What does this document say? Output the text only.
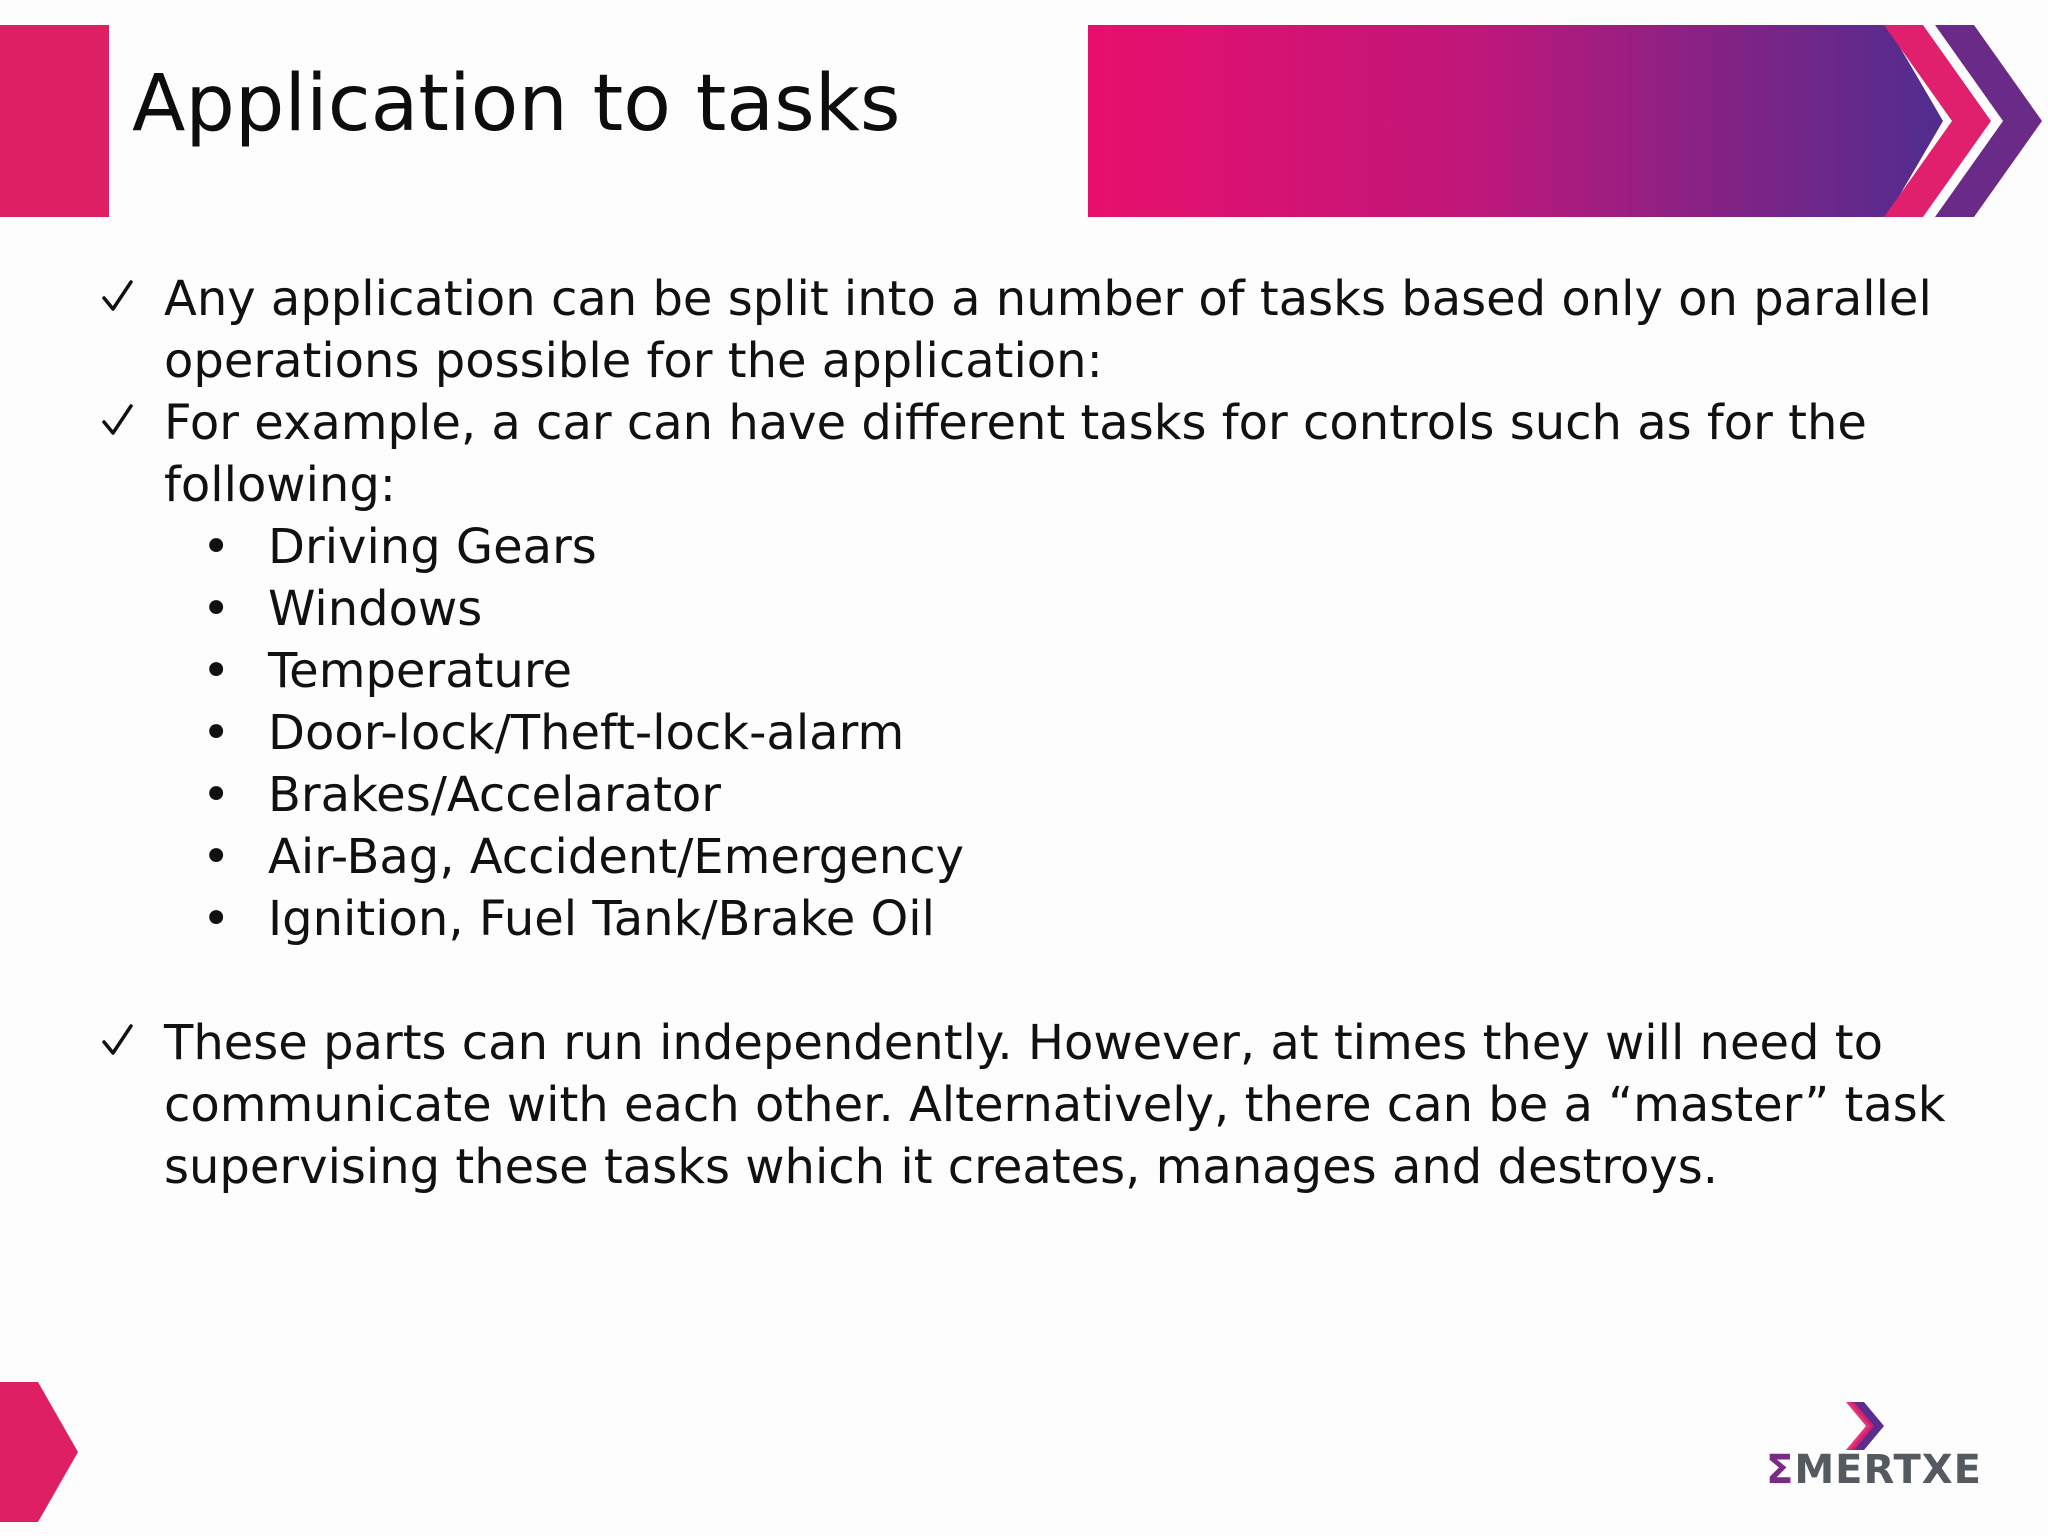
Application to tasks
Any application can be split into a number of tasks based only on parallel operations possible for the application:
For example, a car can have different tasks for controls such as for the following:
• Driving Gears
• Windows
• Temperature
• Door-lock/Theft-lock-alarm
• Brakes/Accelarator
• Air-Bag, Accident/Emergency
• Ignition, Fuel Tank/Brake Oil
These parts can run independently. However, at times they will need to communicate with each other. Alternatively, there can be a “master” task supervising these tasks which it creates, manages and destroys.
ΣMERTXE
